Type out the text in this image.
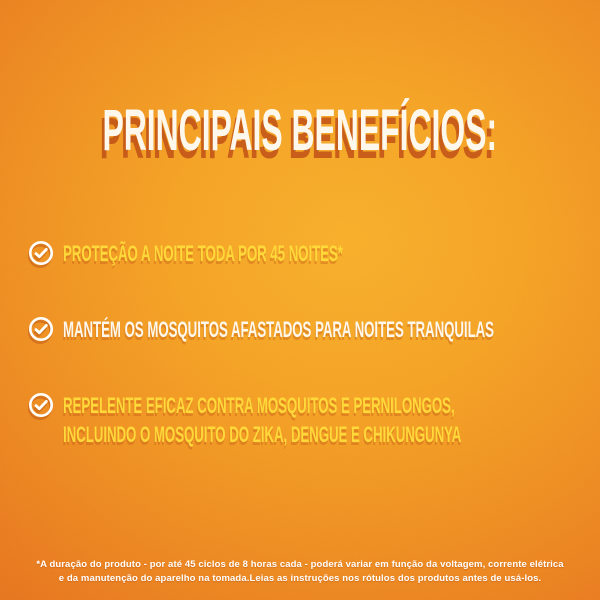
PRINCIPAIS BENEFÍCIOS:
PROTEÇÃO A NOITE TODA POR 45 NOITES*
MANTÉM OS MOSQUITOS AFASTADOS PARA NOITES TRANQUILAS
REPELENTE EFICAZ CONTRA MOSQUITOS E PERNILONGOS,
INCLUINDO O MOSQUITO DO ZIKA, DENGUE E CHIKUNGUNYA
*A duração do produto - por até 45 ciclos de 8 horas cada - poderá variar em função da voltagem, corrente elétrica
e da manutenção do aparelho na tomada.Leias as instruções nos rótulos dos produtos antes de usá-los.
